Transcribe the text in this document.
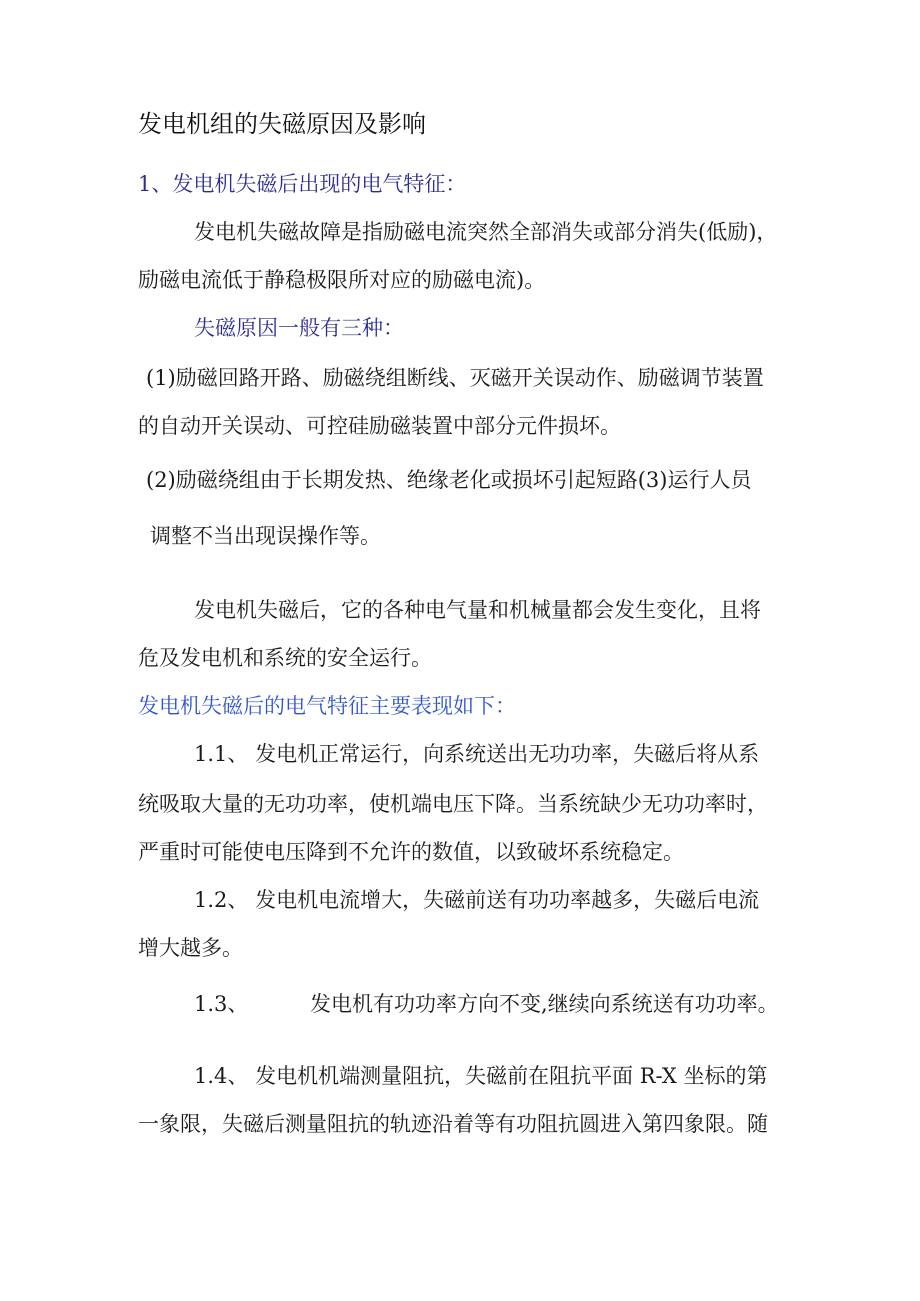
发电机组的失磁原因及影响
1、发电机失磁后出现的电气特征：
发电机失磁故障是指励磁电流突然全部消失或部分消失(低励)，
励磁电流低于静稳极限所对应的励磁电流)。
失磁原因一般有三种：
(1)励磁回路开路、励磁绕组断线、灭磁开关误动作、励磁调节装置
的自动开关误动、可控硅励磁装置中部分元件损坏。
(2)励磁绕组由于长期发热、绝缘老化或损坏引起短路(3)运行人员
调整不当出现误操作等。
发电机失磁后，它的各种电气量和机械量都会发生变化，且将
危及发电机和系统的安全运行。
发电机失磁后的电气特征主要表现如下：
1.1、 发电机正常运行，向系统送出无功功率，失磁后将从系
统吸取大量的无功功率，使机端电压下降。当系统缺少无功功率时，
严重时可能使电压降到不允许的数值，以致破坏系统稳定。
1.2、 发电机电流增大，失磁前送有功功率越多，失磁后电流
增大越多。
1.3、	发电机有功功率方向不变,继续向系统送有功功率。
1.4、 发电机机端测量阻抗，失磁前在阻抗平面 R-X 坐标的第
一象限，失磁后测量阻抗的轨迹沿着等有功阻抗圆进入第四象限。随
